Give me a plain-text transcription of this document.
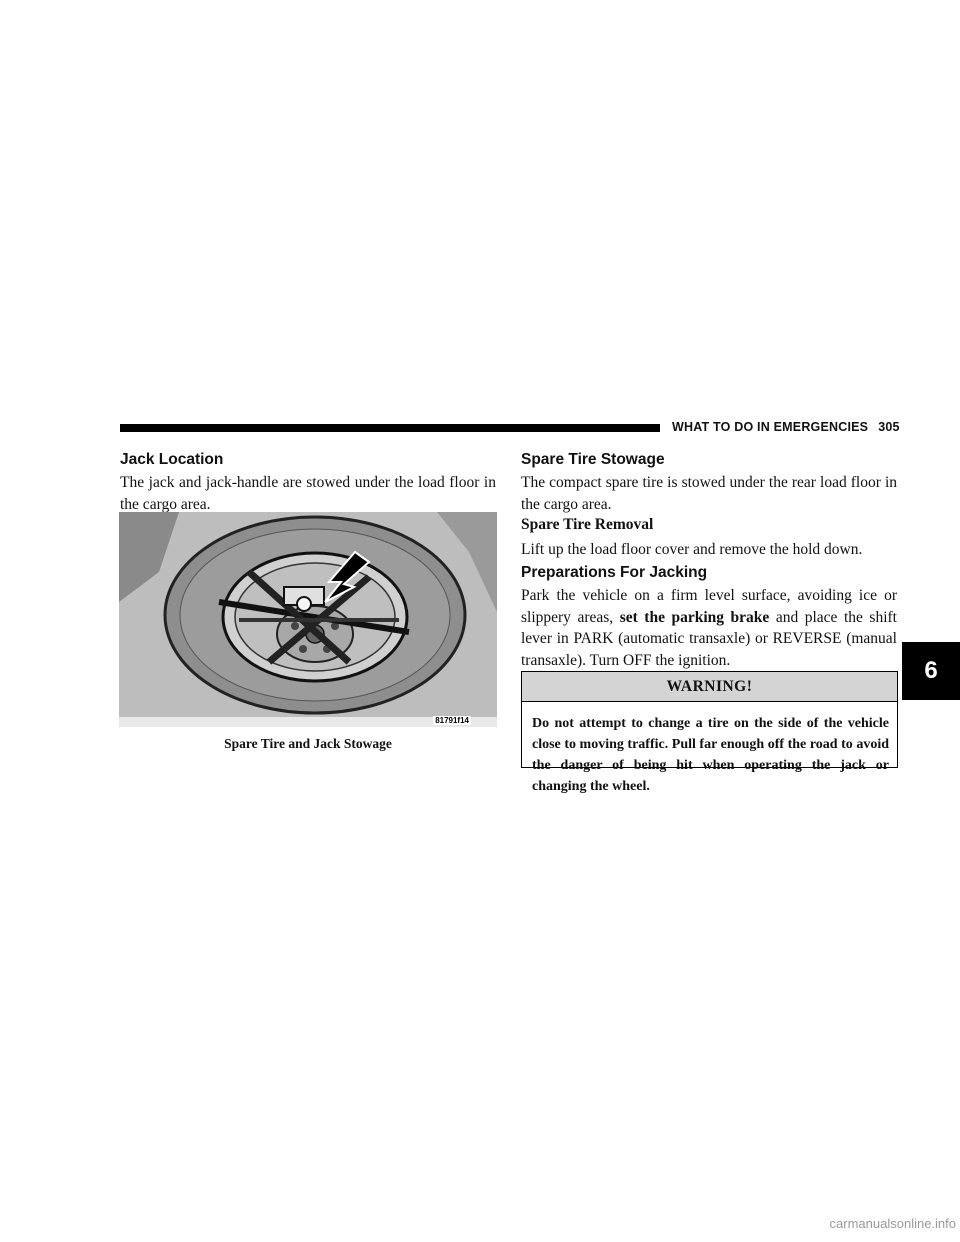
WHAT TO DO IN EMERGENCIES 305
Jack Location

The jack and jack-handle are stowed under the load floor in the cargo area.

81791f14

Spare Tire and Jack Stowage

Spare Tire Stowage

The compact spare tire is stowed under the rear load floor in the cargo area.

Spare Tire Removal

Lift up the load floor cover and remove the hold down.

Preparations For Jacking

Park the vehicle on a firm level surface, avoiding ice or slippery areas, set the parking brake and place the shift lever in PARK (automatic transaxle) or REVERSE (manual transaxle). Turn OFF the ignition.

WARNING!
Do not attempt to change a tire on the side of the vehicle close to moving traffic. Pull far enough off the road to avoid the danger of being hit when operating the jack or changing the wheel.
6
carmanualsonline.info
